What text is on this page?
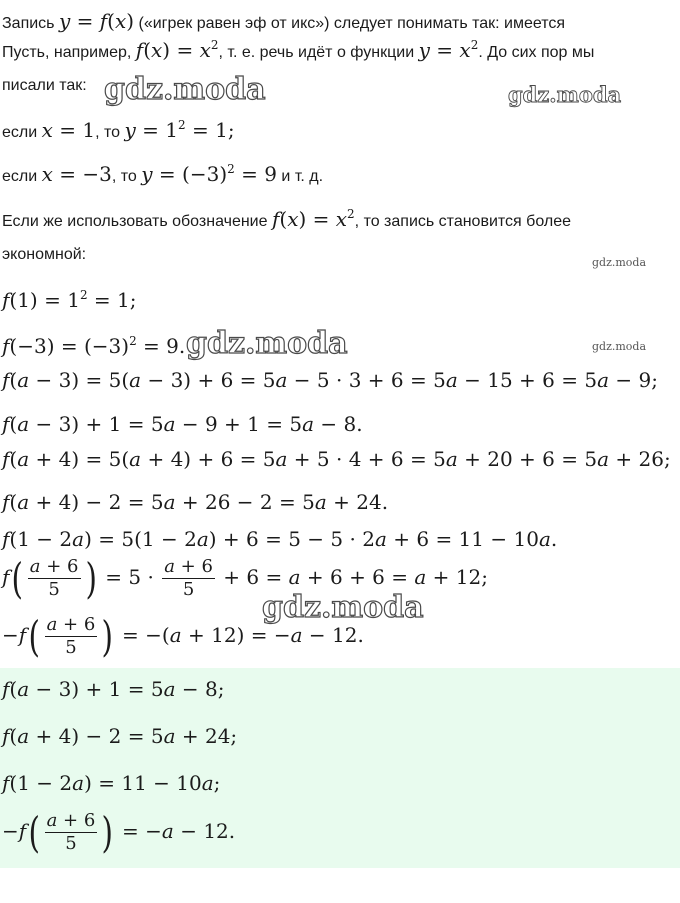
Запись y = f(x) («игрек равен эф от икс») следует понимать так: имеется
Пусть, например, $f(x) = x^2$, т. е. речь идёт о функции $y = x^2$. До сих пор мы
писали так:
если x = 1, то $y = 1^2 = 1$;
если x = −3, то $y = (-3)^2 = 9$ и т. д.
Если же использовать обозначение $f(x) = x^2$, то запись становится более
экономной:
$f(1) = 1^2 = 1$;
$f(-3) = (-3)^2 = 9$.
f(a − 3) = 5(a − 3) + 6 = 5a − 5 · 3 + 6 = 5a − 15 + 6 = 5a − 9;
f(a − 3) + 1 = 5a − 9 + 1 = 5a − 8.
f(a + 4) = 5(a + 4) + 6 = 5a + 5 · 4 + 6 = 5a + 20 + 6 = 5a + 26;
f(a + 4) − 2 = 5a + 26 − 2 = 5a + 24.
f(1 − 2a) = 5(1 − 2a) + 6 = 5 − 5 · 2a + 6 = 11 − 10a.
$f( \frac{a + 6}{5}$ ) = $5 \cdot \frac{a + 6}{5} + 6 = a + 6 + 6 = a + 12$;
$-f( \frac{a + 6}{5}$ ) = −(a + 12) = −a − 12.
f(a − 3) + 1 = 5a − 8;
f(a + 4) − 2 = 5a + 24;
f(1 − 2a) = 11 − 10a;
$-f( \frac{a + 6}{5}$ ) = −a − 12.
gdz.moda	gdz.moda
gdz.moda
gdz.moda
gdz.moda
gdz.moda
